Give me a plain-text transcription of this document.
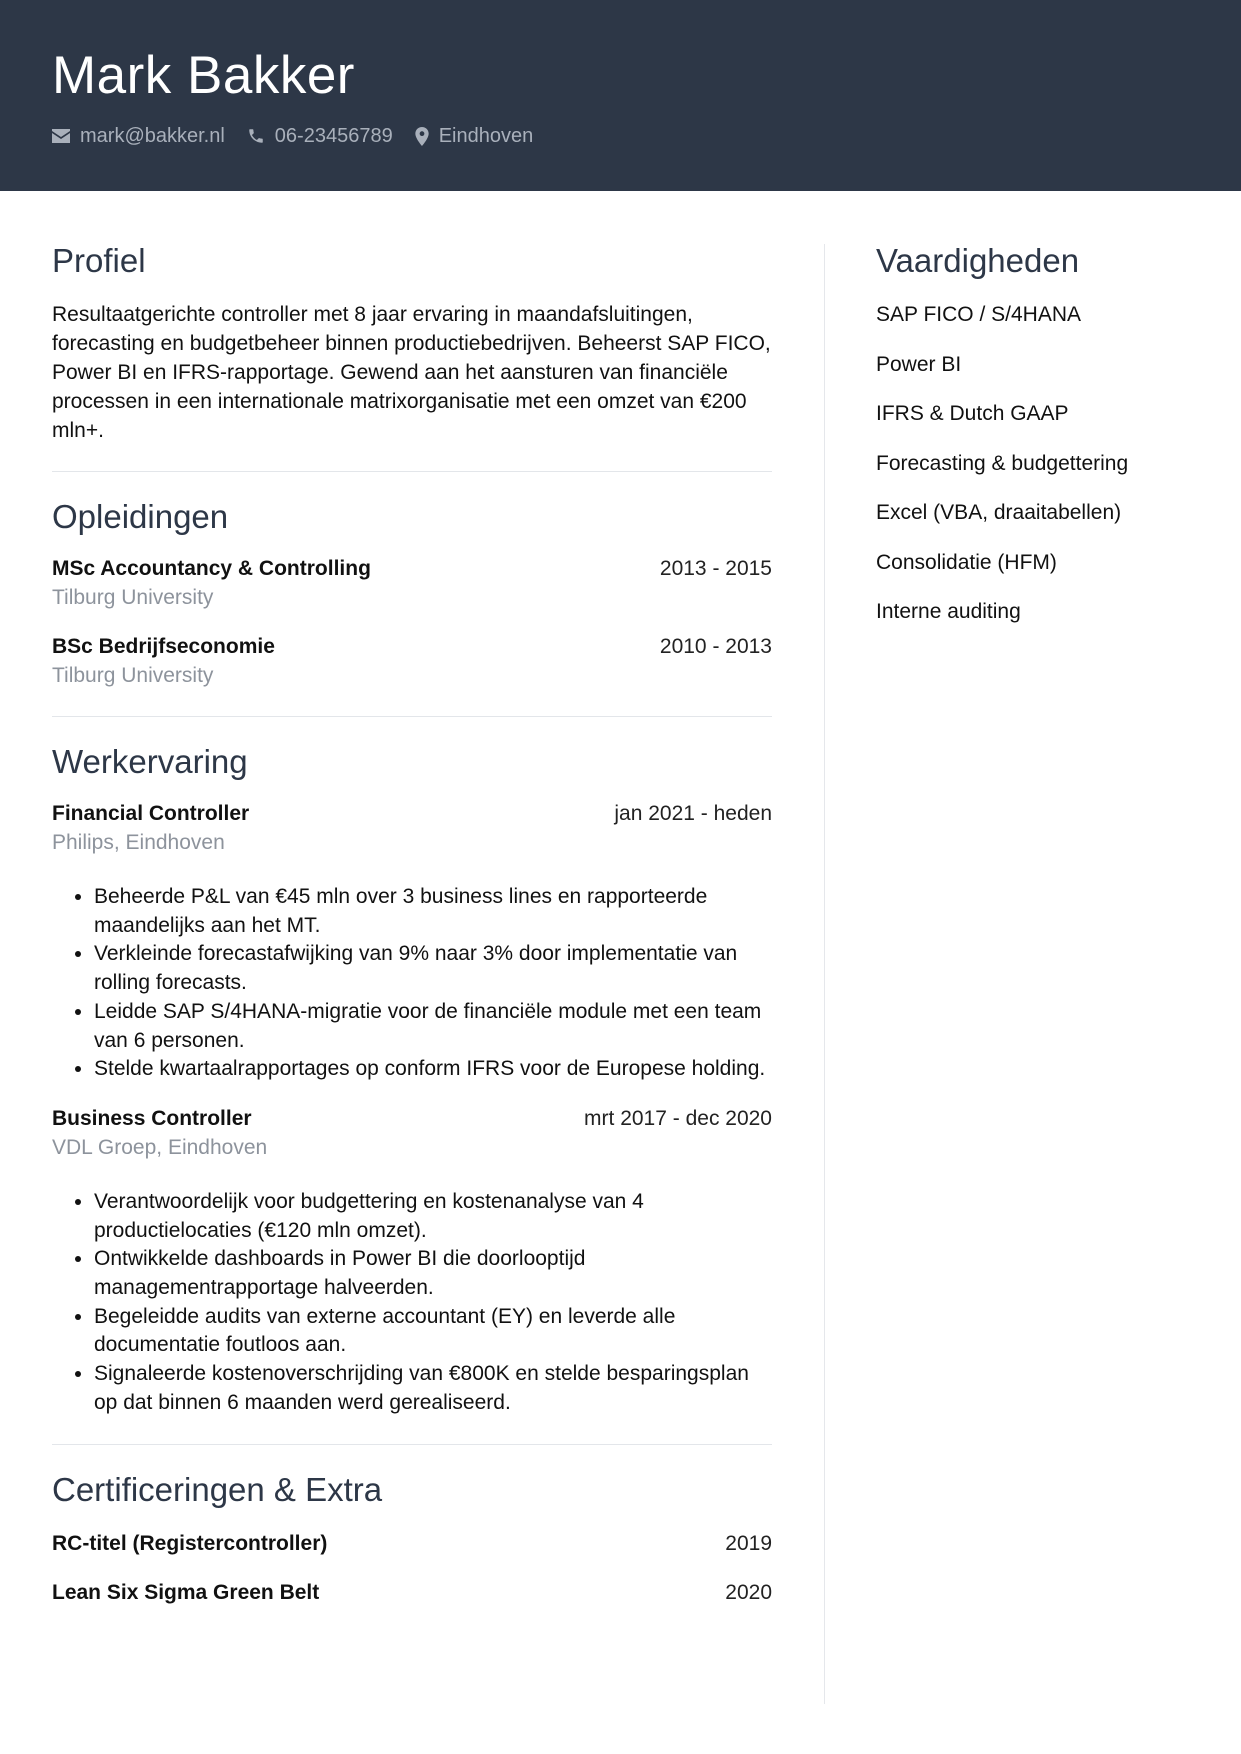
Mark Bakker
mark@bakker.nl	06-23456789 Eindhoven
Profiel
Resultaatgerichte controller met 8 jaar ervaring in maandafsluitingen, forecasting en budgetbeheer binnen productiebedrijven. Beheerst SAP FICO, Power BI en IFRS-rapportage. Gewend aan het aansturen van financiële processen in een internationale matrixorganisatie met een omzet van €200 mln+.
Opleidingen
MSc Accountancy & Controlling	2013 - 2015
Tilburg University
BSc Bedrijfseconomie	2010 - 2013
Tilburg University
Werkervaring
Financial Controller	jan 2021 - heden
Philips, Eindhoven
• Beheerde P&L van €45 mln over 3 business lines en rapporteerde maandelijks aan het MT.
• Verkleinde forecastafwijking van 9% naar 3% door implementatie van rolling forecasts.
• Leidde SAP S/4HANA-migratie voor de financiële module met een team van 6 personen.
• Stelde kwartaalrapportages op conform IFRS voor de Europese holding.
Business Controller	mrt 2017 - dec 2020
VDL Groep, Eindhoven
• Verantwoordelijk voor budgettering en kostenanalyse van 4 productielocaties (€120 mln omzet).
• Ontwikkelde dashboards in Power BI die doorlooptijd managementrapportage halveerden.
• Begeleidde audits van externe accountant (EY) en leverde alle documentatie foutloos aan.
• Signaleerde kostenoverschrijding van €800K en stelde besparingsplan op dat binnen 6 maanden werd gerealiseerd.
Certificeringen & Extra
RC-titel (Registercontroller)	2019
Lean Six Sigma Green Belt	2020
Vaardigheden
SAP FICO / S/4HANA
Power BI
IFRS & Dutch GAAP
Forecasting & budgettering
Excel (VBA, draaitabellen)
Consolidatie (HFM)
Interne auditing
